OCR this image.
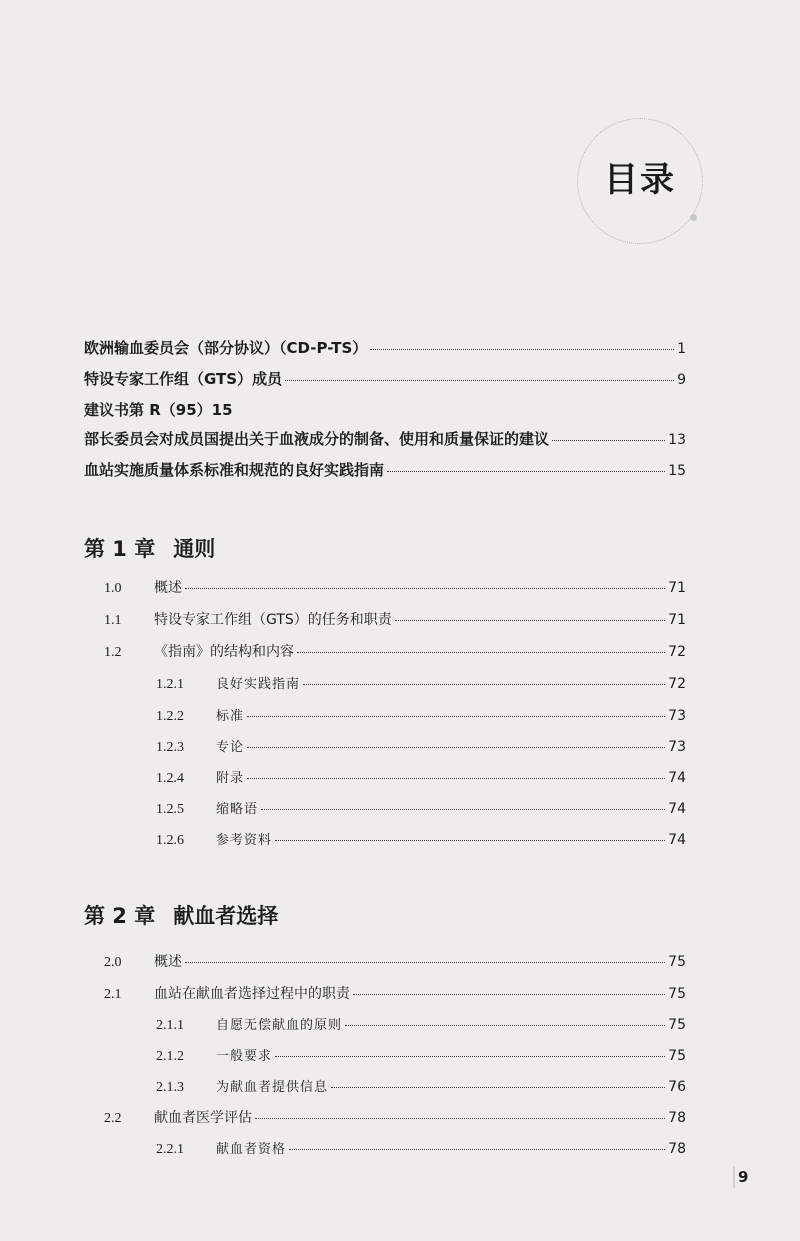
目录
欧洲输血委员会（部分协议）（CD-P-TS）	1
特设专家工作组（GTS）成员	9
建议书第 R（95）15
部长委员会对成员国提出关于血液成分的制备、使用和质量保证的建议	13
血站实施质量体系标准和规范的良好实践指南	15
第 1 章 通则
1.0 概述	71
1.1 特设专家工作组（GTS）的任务和职责	71
1.2 《指南》的结构和内容	72
1.2.1 良好实践指南	72
1.2.2 标准	73
1.2.3 专论	73
1.2.4 附录	74
1.2.5 缩略语	74
1.2.6 参考资料	74
第 2 章 献血者选择
2.0 概述	75
2.1 血站在献血者选择过程中的职责	75
2.1.1 自愿无偿献血的原则	75
2.1.2 一般要求	75
2.1.3 为献血者提供信息	76
2.2 献血者医学评估	78
2.2.1 献血者资格	78
9
